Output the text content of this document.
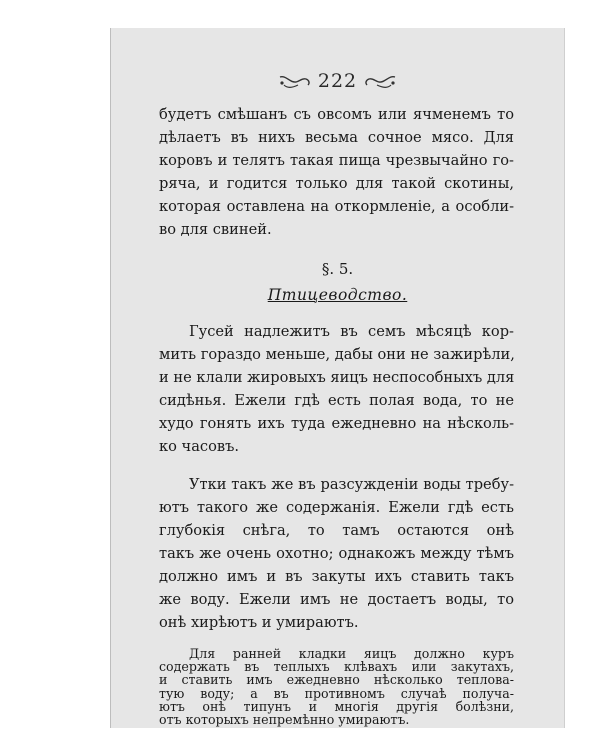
222
будетъ смѣшанъ съ овсомъ или ячменемъ то
дѣлаетъ въ нихъ весьма сочное мясо. Для
коровъ и телятъ такая пища чрезвычайно го-
рячa, и годится только для такой скотины,
которая оставлена на откормленіе, а особли-
во для свиней.
§. 5.
Птицеводство.
Гусей надлежитъ въ семъ мѣсяцѣ кор-
мить гораздо меньше, дабы они не зажирѣли,
и не клали жировыхъ яицъ неспособныхъ для
сидѣнья. Ежели гдѣ есть полая вода, то не
худо гонять ихъ туда ежедневно на нѣсколь-
ко часовъ.
Утки такъ же въ разсужденіи воды требу-
ютъ такого же содержанія. Ежели гдѣ есть
глубокія снѣга, то тамъ остаются онѣ
такъ же очень охотно; однакожъ между тѣмъ
должно имъ и въ закуты ихъ ставить такъ
же воду. Ежели имъ не достаетъ воды, то
онѣ хирѣютъ и умираютъ.
Для ранней кладки яицъ должно куръ
содержать въ теплыхъ клѣвахъ или закутахъ,
и ставить имъ ежедневно нѣсколько теплова-
тую воду; а въ противномъ случаѣ получа-
ютъ онѣ типунъ и многія другія болѣзни,
отъ которыхъ непремѣнно умираютъ.
